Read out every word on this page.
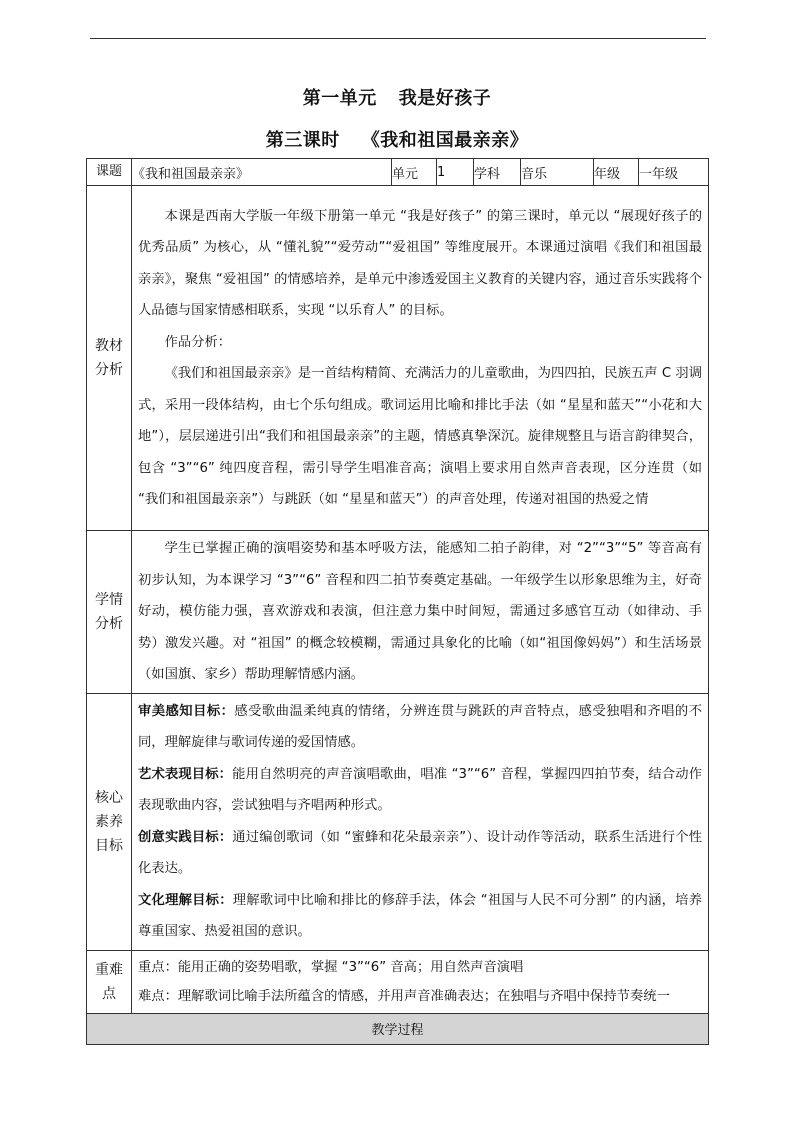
第一单元 我是好孩子
第三课时 《我和祖国最亲亲》
课题	《我和祖国最亲亲》	单元	1	学科	音乐	年级	一年级
教材分析	本课是西南大学版一年级下册第一单元 “我是好孩子” 的第三课时，单元以 “展现好孩子的优秀品质” 为核心，从 “懂礼貌”“爱劳动”“爱祖国” 等维度展开。本课通过演唱《我们和祖国最亲亲》，聚焦 “爱祖国” 的情感培养，是单元中渗透爱国主义教育的关键内容，通过音乐实践将个人品德与国家情感相联系，实现 “以乐育人” 的目标。

作品分析：

《我们和祖国最亲亲》是一首结构精简、充满活力的儿童歌曲，为四四拍，民族五声 C 羽调式，采用一段体结构，由七个乐句组成。歌词运用比喻和排比手法（如 “星星和蓝天”“小花和大地”），层层递进引出“我们和祖国最亲亲”的主题，情感真挚深沉。旋律规整且与语言韵律契合，包含 “3”“6” 纯四度音程，需引导学生唱准音高；演唱上要求用自然声音表现，区分连贯（如 “我们和祖国最亲亲”）与跳跃（如 “星星和蓝天”）的声音处理，传递对祖国的热爱之情						

学情分析	学生已掌握正确的演唱姿势和基本呼吸方法，能感知二拍子韵律，对 “2”“3”“5” 等音高有初步认知，为本课学习 “3”“6” 音程和四二拍节奏奠定基础。一年级学生以形象思维为主，好奇好动，模仿能力强，喜欢游戏和表演，但注意力集中时间短，需通过多感官互动（如律动、手势）激发兴趣。对 “祖国” 的概念较模糊，需通过具象化的比喻（如“祖国像妈妈”）和生活场景（如国旗、家乡）帮助理解情感内涵。						

核心素养目标	审美感知目标：感受歌曲温柔纯真的情绪，分辨连贯与跳跃的声音特点，感受独唱和齐唱的不同，理解旋律与歌词传递的爱国情感。

艺术表现目标：能用自然明亮的声音演唱歌曲，唱准 “3”“6” 音程，掌握四四拍节奏，结合动作表现歌曲内容，尝试独唱与齐唱两种形式。

创意实践目标：通过编创歌词（如 “蜜蜂和花朵最亲亲”）、设计动作等活动，联系生活进行个性化表达。

文化理解目标：理解歌词中比喻和排比的修辞手法，体会 “祖国与人民不可分割” 的内涵，培养尊重国家、热爱祖国的意识。						

重难点	重点：能用正确的姿势唱歌，掌握 “3”“6” 音高；用自然声音演唱

难点：理解歌词比喻手法所蕴含的情感，并用声音准确表达；在独唱与齐唱中保持节奏统一						

教学过程							
